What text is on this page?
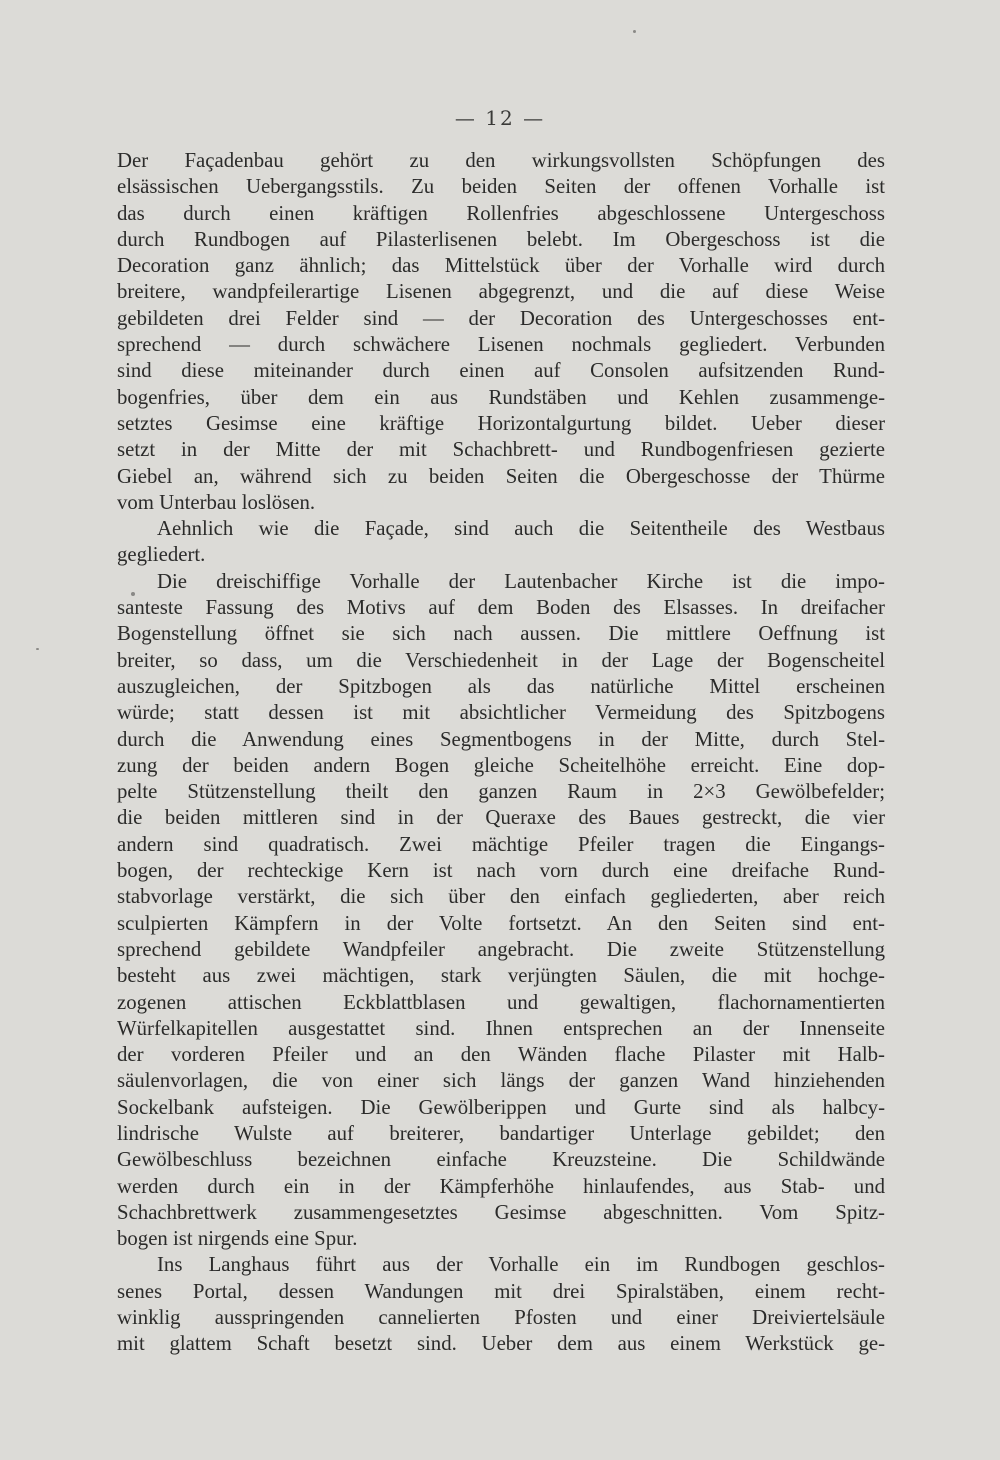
— 12 —
Der Façadenbau gehört zu den wirkungsvollsten Schöpfungen des
elsässischen Uebergangsstils. Zu beiden Seiten der offenen Vorhalle ist
das durch einen kräftigen Rollenfries abgeschlossene Untergeschoss
durch Rundbogen auf Pilasterlisenen belebt. Im Obergeschoss ist die
Decoration ganz ähnlich; das Mittelstück über der Vorhalle wird durch
breitere, wandpfeilerartige Lisenen abgegrenzt, und die auf diese Weise
gebildeten drei Felder sind — der Decoration des Untergeschosses ent-
sprechend — durch schwächere Lisenen nochmals gegliedert. Verbunden
sind diese miteinander durch einen auf Consolen aufsitzenden Rund-
bogenfries, über dem ein aus Rundstäben und Kehlen zusammenge-
setztes Gesimse eine kräftige Horizontalgurtung bildet. Ueber dieser
setzt in der Mitte der mit Schachbrett- und Rundbogenfriesen gezierte
Giebel an, während sich zu beiden Seiten die Obergeschosse der Thürme
vom Unterbau loslösen.
Aehnlich wie die Façade, sind auch die Seitentheile des Westbaus
gegliedert.
Die dreischiffige Vorhalle der Lautenbacher Kirche ist die impo-
santeste Fassung des Motivs auf dem Boden des Elsasses. In dreifacher
Bogenstellung öffnet sie sich nach aussen. Die mittlere Oeffnung ist
breiter, so dass, um die Verschiedenheit in der Lage der Bogenscheitel
auszugleichen, der Spitzbogen als das natürliche Mittel erscheinen
würde; statt dessen ist mit absichtlicher Vermeidung des Spitzbogens
durch die Anwendung eines Segmentbogens in der Mitte, durch Stel-
zung der beiden andern Bogen gleiche Scheitelhöhe erreicht. Eine dop-
pelte Stützenstellung theilt den ganzen Raum in 2×3 Gewölbefelder;
die beiden mittleren sind in der Queraxe des Baues gestreckt, die vier
andern sind quadratisch. Zwei mächtige Pfeiler tragen die Eingangs-
bogen, der rechteckige Kern ist nach vorn durch eine dreifache Rund-
stabvorlage verstärkt, die sich über den einfach gegliederten, aber reich
sculpierten Kämpfern in der Volte fortsetzt. An den Seiten sind ent-
sprechend gebildete Wandpfeiler angebracht. Die zweite Stützenstellung
besteht aus zwei mächtigen, stark verjüngten Säulen, die mit hochge-
zogenen attischen Eckblattblasen und gewaltigen, flachornamentierten
Würfelkapitellen ausgestattet sind. Ihnen entsprechen an der Innenseite
der vorderen Pfeiler und an den Wänden flache Pilaster mit Halb-
säulenvorlagen, die von einer sich längs der ganzen Wand hinziehenden
Sockelbank aufsteigen. Die Gewölberippen und Gurte sind als halbcy-
lindrische Wulste auf breiterer, bandartiger Unterlage gebildet; den
Gewölbeschluss bezeichnen einfache Kreuzsteine. Die Schildwände
werden durch ein in der Kämpferhöhe hinlaufendes, aus Stab- und
Schachbrettwerk zusammengesetztes Gesimse abgeschnitten. Vom Spitz-
bogen ist nirgends eine Spur.
Ins Langhaus führt aus der Vorhalle ein im Rundbogen geschlos-
senes Portal, dessen Wandungen mit drei Spiralstäben, einem recht-
winklig ausspringenden cannelierten Pfosten und einer Dreiviertelsäule
mit glattem Schaft besetzt sind. Ueber dem aus einem Werkstück ge-
